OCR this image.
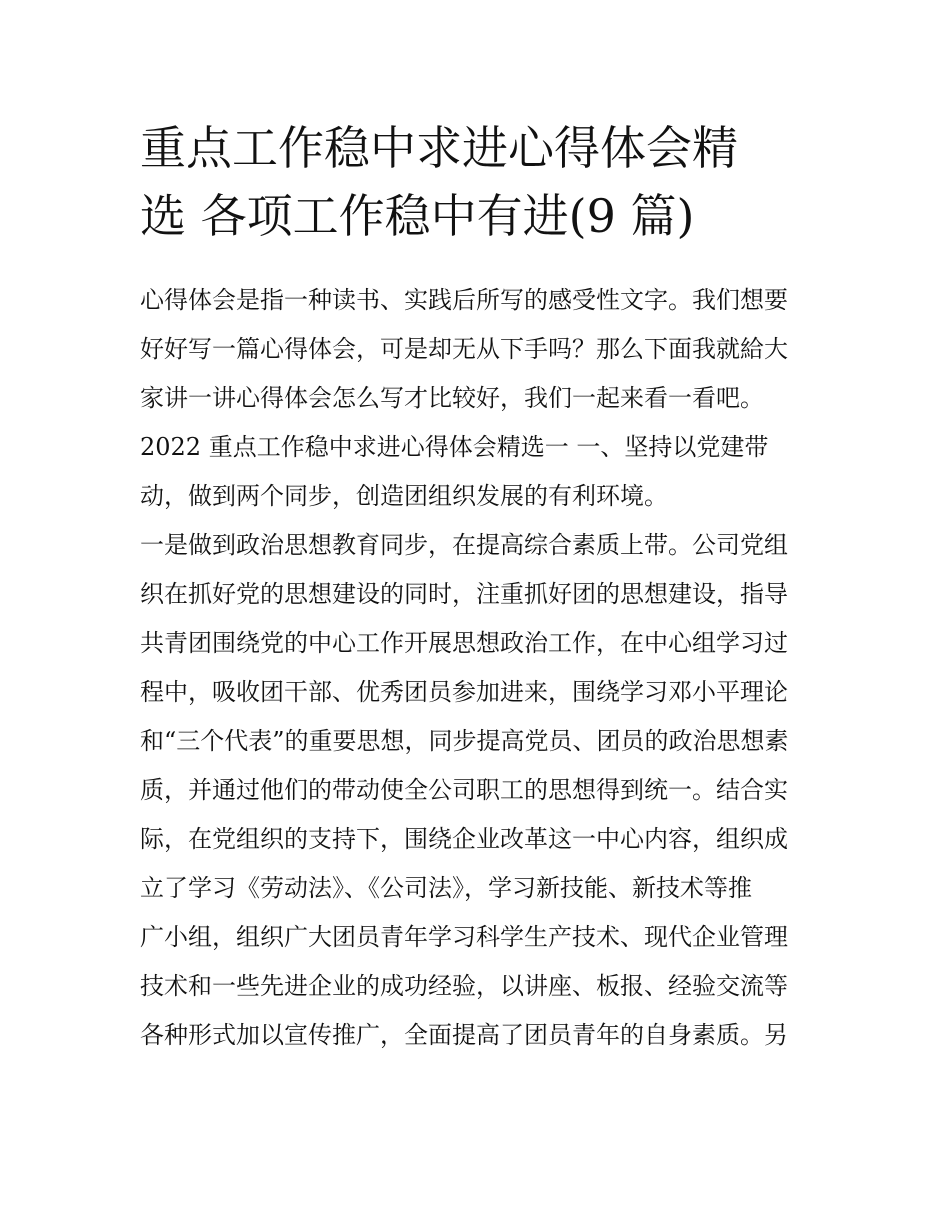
重点工作稳中求进心得体会精
选 各项工作稳中有进(9 篇)
心得体会是指一种读书、实践后所写的感受性文字。我们想要
好好写一篇心得体会，可是却无从下手吗？那么下面我就給大
家讲一讲心得体会怎么写才比较好，我们一起来看一看吧。
2022 重点工作稳中求进心得体会精选一 一、坚持以党建带
动，做到两个同步，创造团组织发展的有利环境。
一是做到政治思想教育同步，在提高综合素质上带。公司党组
织在抓好党的思想建设的同时，注重抓好团的思想建设，指导
共青团围绕党的中心工作开展思想政治工作，在中心组学习过
程中，吸收团干部、优秀团员参加进来，围绕学习邓小平理论
和“三个代表”的重要思想，同步提高党员、团员的政治思想素
质，并通过他们的带动使全公司职工的思想得到统一。结合实
际，在党组织的支持下，围绕企业改革这一中心内容，组织成
立了学习《劳动法》、《公司法》，学习新技能、新技术等推
广小组，组织广大团员青年学习科学生产技术、现代企业管理
技术和一些先进企业的成功经验，以讲座、板报、经验交流等
各种形式加以宣传推广，全面提高了团员青年的自身素质。另
